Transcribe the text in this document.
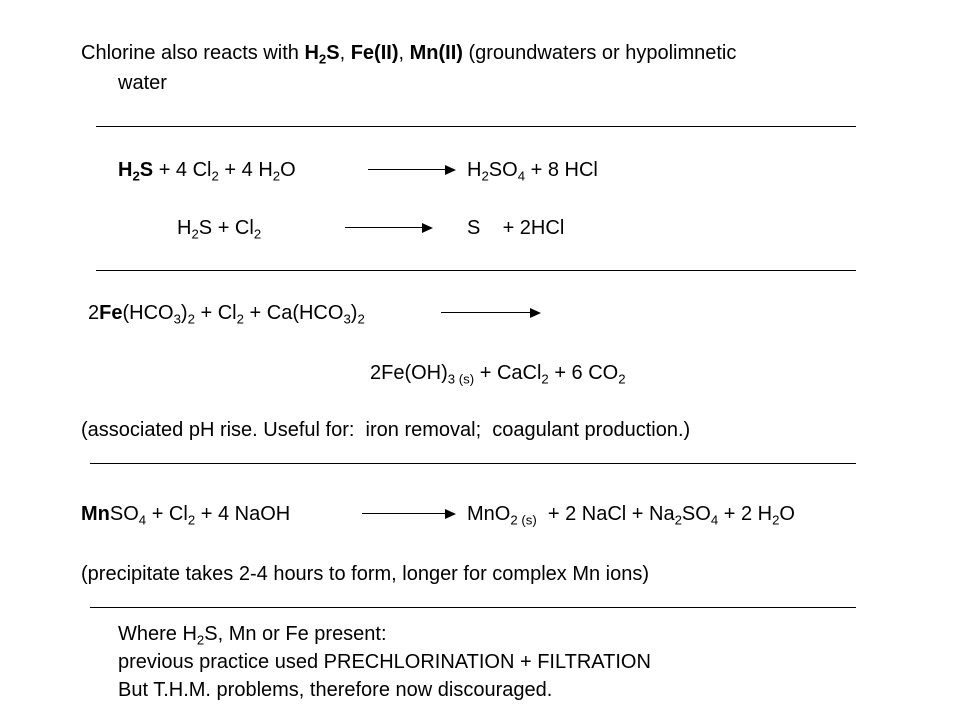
Chlorine also reacts with $H_2S$, Fe(II), Mn(II) (groundwaters or hypolimnetic
water
$H_2S + 4$ $Cl_2 + 4$ $H_2O$	$H_2SO_4 + 8$ HCl
$H_2S + Cl_2$	S    + 2HCl
$2Fe(HCO_3)_2 + Cl_2 + Ca(HCO_3)_2$
$2Fe(OH)_{3 (s)}$ + CaCl$_2$ + 6 $CO_2$
(associated pH rise. Useful for:  iron removal;  coagulant production.)
MnSO$_4$ + $Cl_2 + 4$ NaOH	MnO$_{2 (s)}$  + 2 NaCl + $Na_2SO_4 + 2$ $H_2O$
(precipitate takes 2-4 hours to form, longer for complex Mn ions)
Where $H_2S$, Mn or Fe present:
previous practice used PRECHLORINATION + FILTRATION
But T.H.M. problems, therefore now discouraged.
